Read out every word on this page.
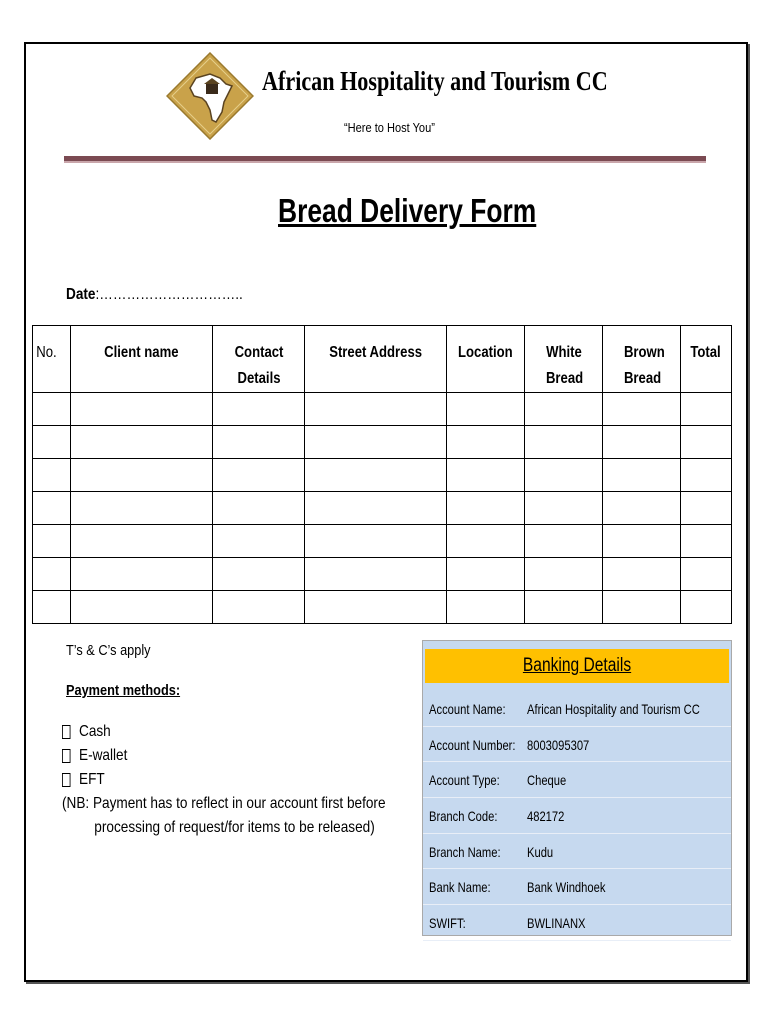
African Hospitality and Tourism CC
“Here to Host You”
Bread Delivery Form
Date:…………………………..
No.	Client name	Contact Details	Street Address	Location	White Bread	Brown Bread	Total

T’s & C’s apply
Payment methods:
Cash
E-wallet
EFT
(NB: Payment has to reflect in our account first before
processing of request/for items to be released)
Banking Details
Account Name: African Hospitality and Tourism CC
Account Number: 8003095307
Account Type: Cheque
Branch Code: 482172
Branch Name: Kudu
Bank Name:	Bank Windhoek
SWIFT:	BWLINANX
